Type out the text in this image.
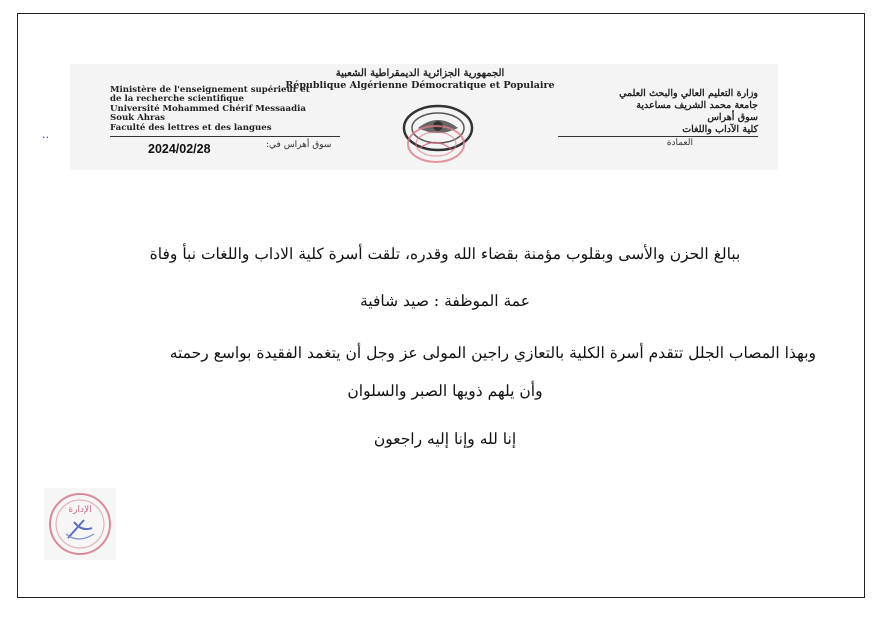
الجمهورية الجزائرية الديمقراطية الشعبية
République Algérienne Démocratique et Populaire
Ministère de l'enseignement supérieur et
de la recherche scientifique
Université Mohammed Chérif Messaadia
Souk Ahras
Faculté des lettres et des langues
وزارة التعليم العالي والبحث العلمي
جامعة محمد الشريف مساعدية
سوق أهراس
كلية الآداب واللغات
سوق أهراس في:	العمادة
..
2024/02/28
ببالغ الحزن والأسى وبقلوب مؤمنة بقضاء الله وقدره، تلقت أسرة كلية الاداب واللغات نبأ وفاة
عمة الموظفة : صيد شافية
وبهذا المصاب الجلل تتقدم أسرة الكلية بالتعازي راجين المولى عز وجل أن يتغمد الفقيدة بواسع رحمته
وأن يلهم ذويها الصبر والسلوان
إنا لله وإنا إليه راجعون
الإدارة
